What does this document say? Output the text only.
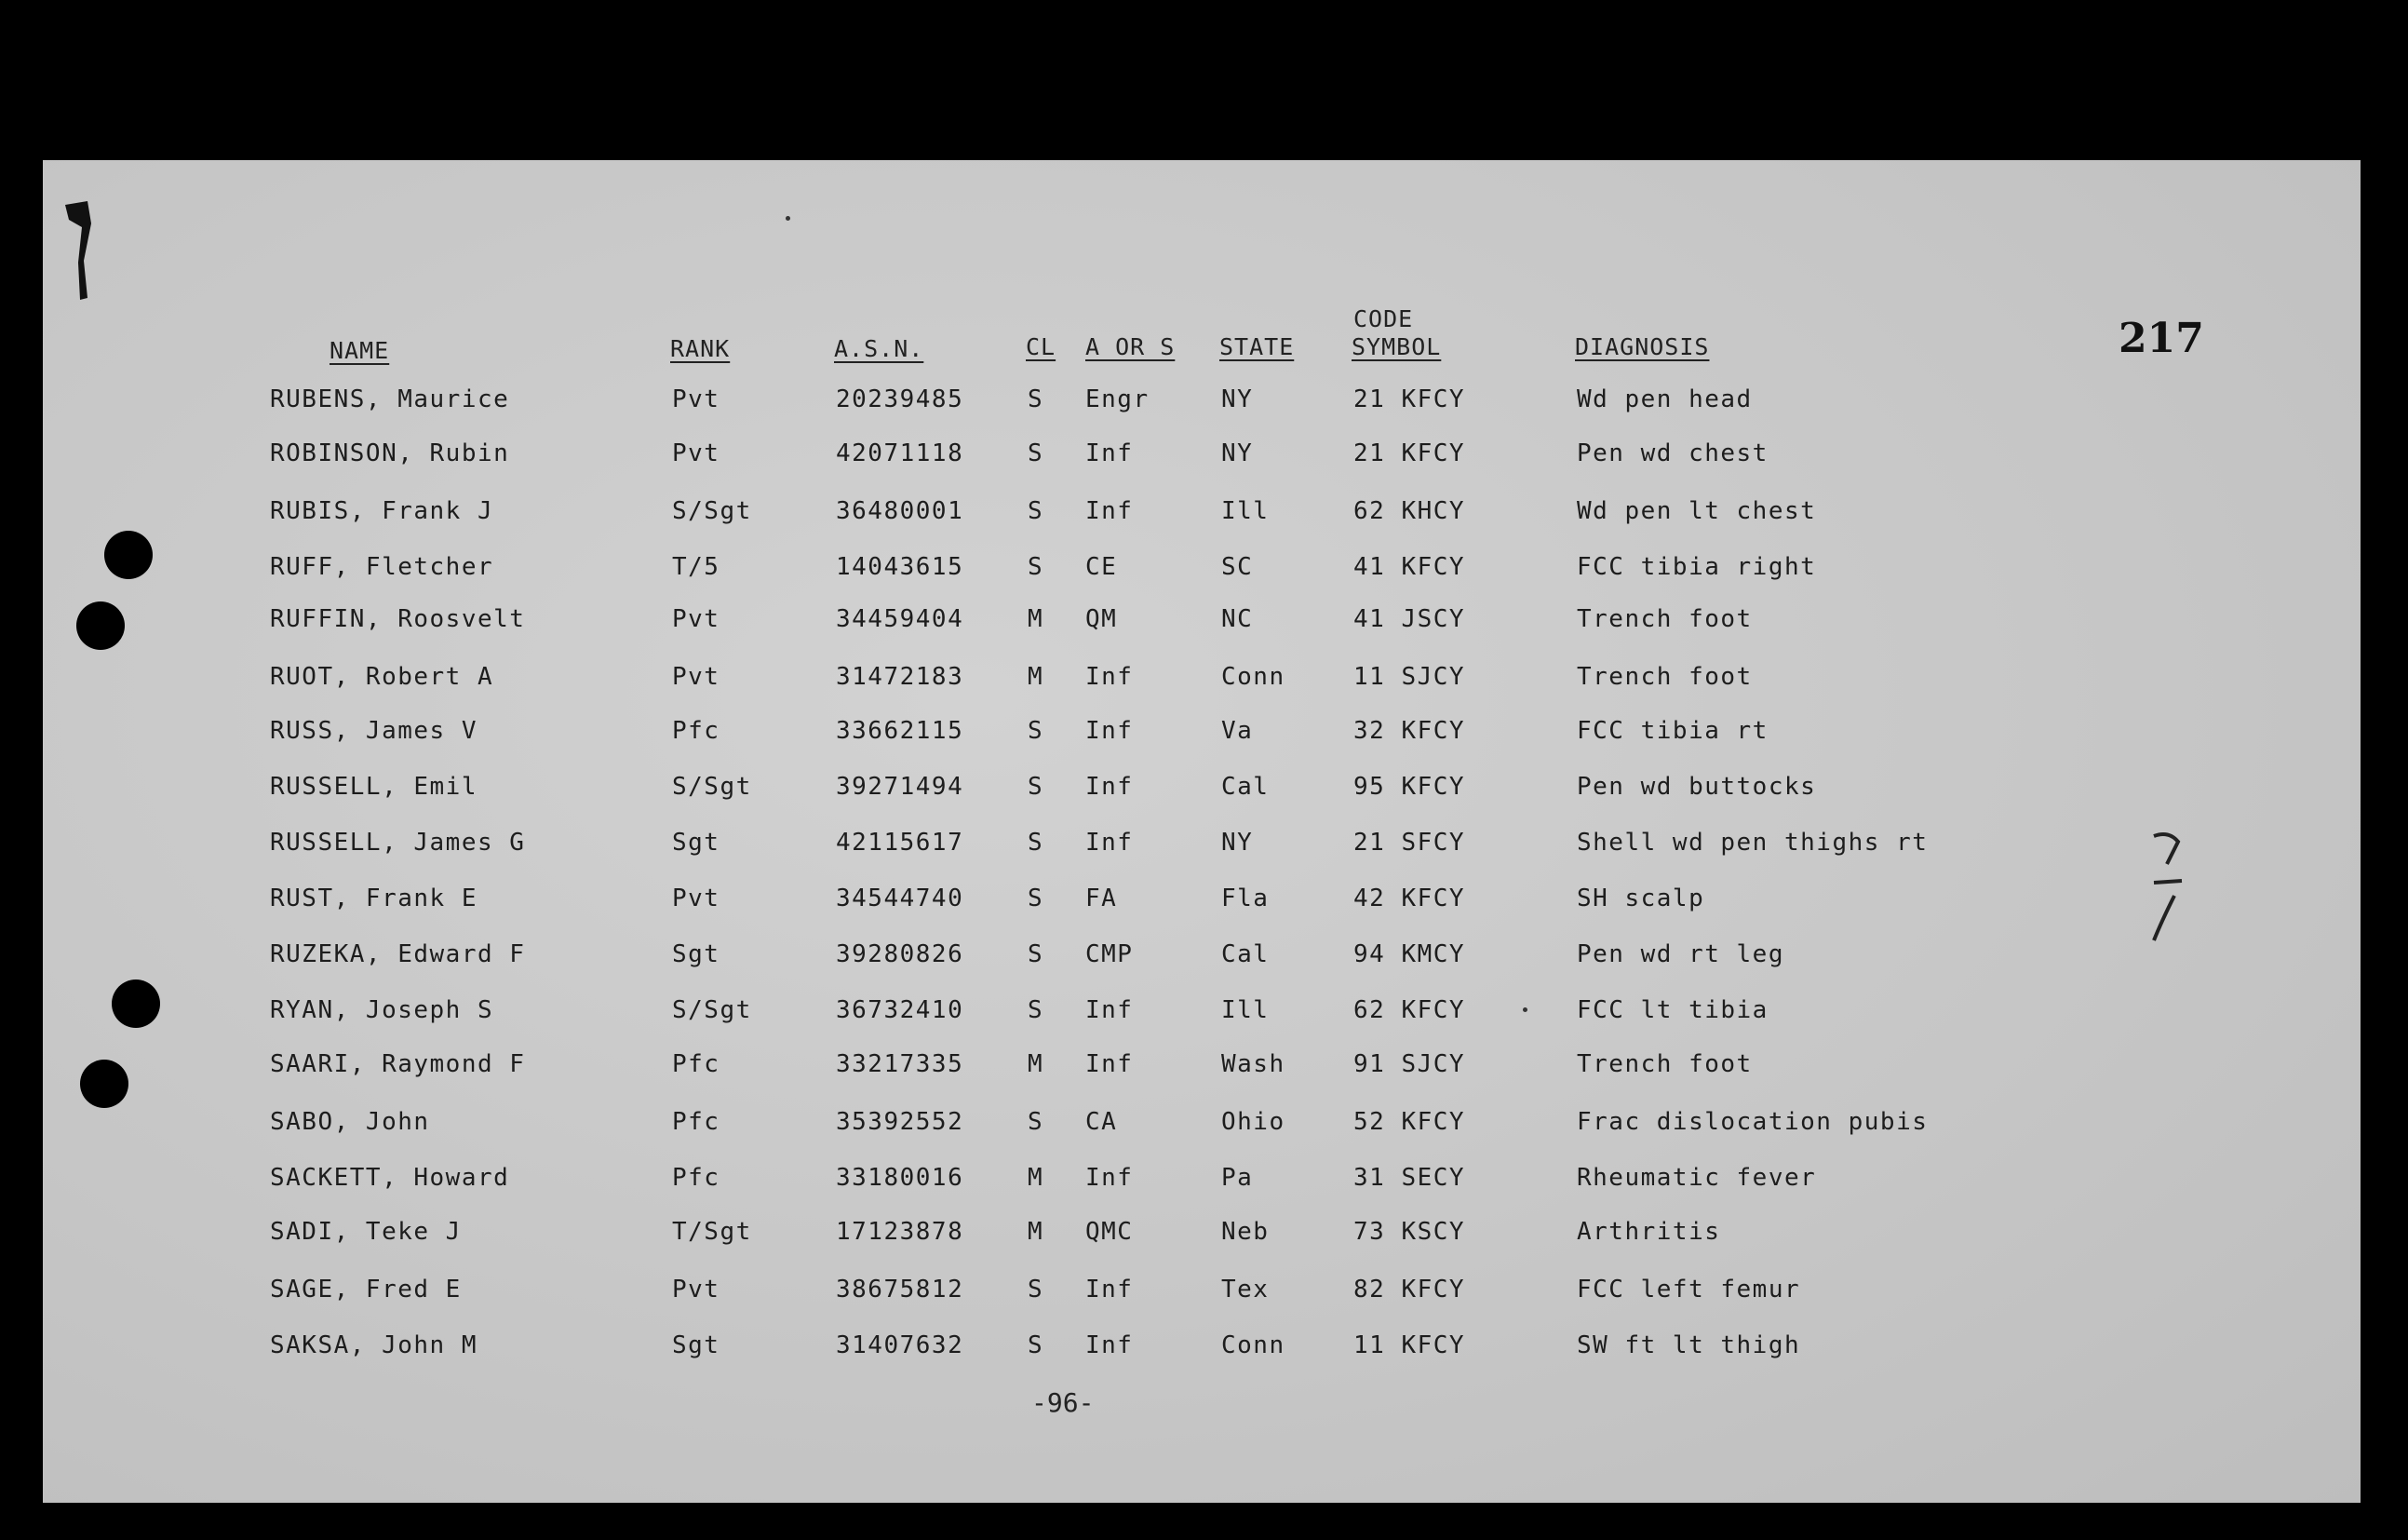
217
NAME	RANK	A.S.N.	CL A OR S STATE
CODE
SYMBOL	DIAGNOSIS
RUBENS, Maurice	Pvt	20239485	S Engr	NY	21 KFCY	Wd pen head
ROBINSON, Rubin	Pvt	42071118	S Inf	NY	21 KFCY	Pen wd chest
RUBIS, Frank J	S/Sgt	36480001	S Inf	Ill	62 KHCY	Wd pen lt chest
RUFF, Fletcher	T/5	14043615	S CE	SC	41 KFCY	FCC tibia right
RUFFIN, Roosvelt	Pvt	34459404	M QM	NC	41 JSCY	Trench foot
RUOT, Robert A	Pvt	31472183	M Inf	Conn	11 SJCY	Trench foot
RUSS, James V	Pfc	33662115	S Inf	Va	32 KFCY	FCC tibia rt
RUSSELL, Emil	S/Sgt	39271494	S Inf	Cal	95 KFCY	Pen wd buttocks
RUSSELL, James G	Sgt	42115617	S Inf	NY	21 SFCY	Shell wd pen thighs rt
RUST, Frank E	Pvt	34544740	S FA	Fla	42 KFCY	SH scalp
RUZEKA, Edward F	Sgt	39280826	S CMP	Cal	94 KMCY	Pen wd rt leg
RYAN, Joseph S	S/Sgt	36732410	S Inf	Ill	62 KFCY	FCC lt tibia
SAARI, Raymond F	Pfc	33217335	M Inf	Wash	91 SJCY	Trench foot
SABO, John	Pfc	35392552	S CA	Ohio	52 KFCY	Frac dislocation pubis
SACKETT, Howard	Pfc	33180016	M Inf	Pa	31 SECY	Rheumatic fever
SADI, Teke J	T/Sgt	17123878	M QMC	Neb	73 KSCY	Arthritis
SAGE, Fred E	Pvt	38675812	S Inf	Tex	82 KFCY	FCC left femur
SAKSA, John M	Sgt	31407632	S Inf	Conn	11 KFCY	SW ft lt thigh
-96-
